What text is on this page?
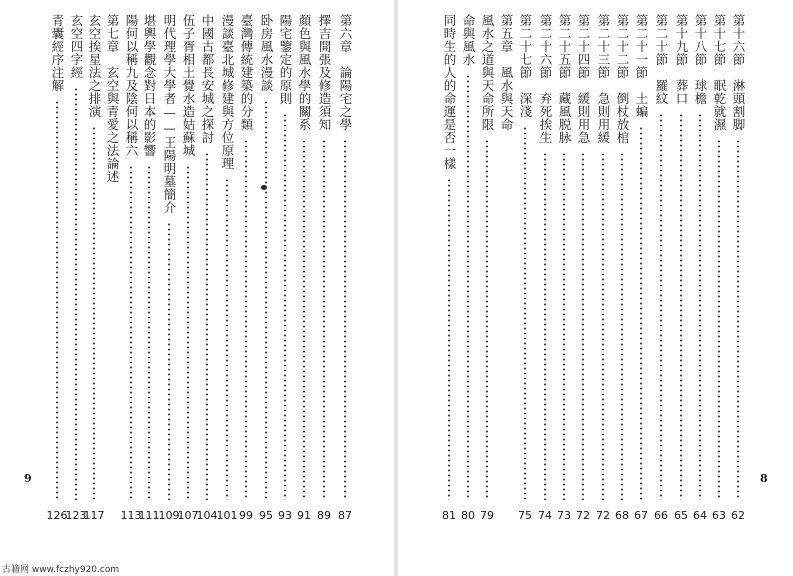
9
第六章　論陽宅之學
87
擇吉開張及修造須知
89
顏色與風水學的關系
91
陽宅鑒定的原則
93
卧房風水漫談
95
臺灣傳統建築的分類
99
漫談臺北城修建與方位原理
101
中國古都長安城之探討
104
伍子胥相土覺水造姑蘇城
107
明代理學大學者——王陽明墓簡介
109
堪輿學觀念對日本的影響
111
陽何以稱九及陰何以稱六
113
第七章　玄空與青愛之法論述
玄空挨星法之排演
117
玄空四字經
123
青囊經序注解
126
8
第十六節　淋頭割脚
62
第十七節　眠乾就濕
63
第十八節　球檐
64
第十九節　葬口
65
第二十節　羅紋
66
第二十一節　土蝙
67
第二十二節　倒杖放棺
68
第二十三節　急則用緩
72
第二十四節　緩則用急
72
第二十五節　藏風脱脉
73
第二十六節　弃死挨生
74
第二十七節　深淺
75
第五章　風水與天命
風水之道與天命所限
79
命與風水
80
同時生的人的命運是否一樣
81
古籍网 www.fczhy920.com
